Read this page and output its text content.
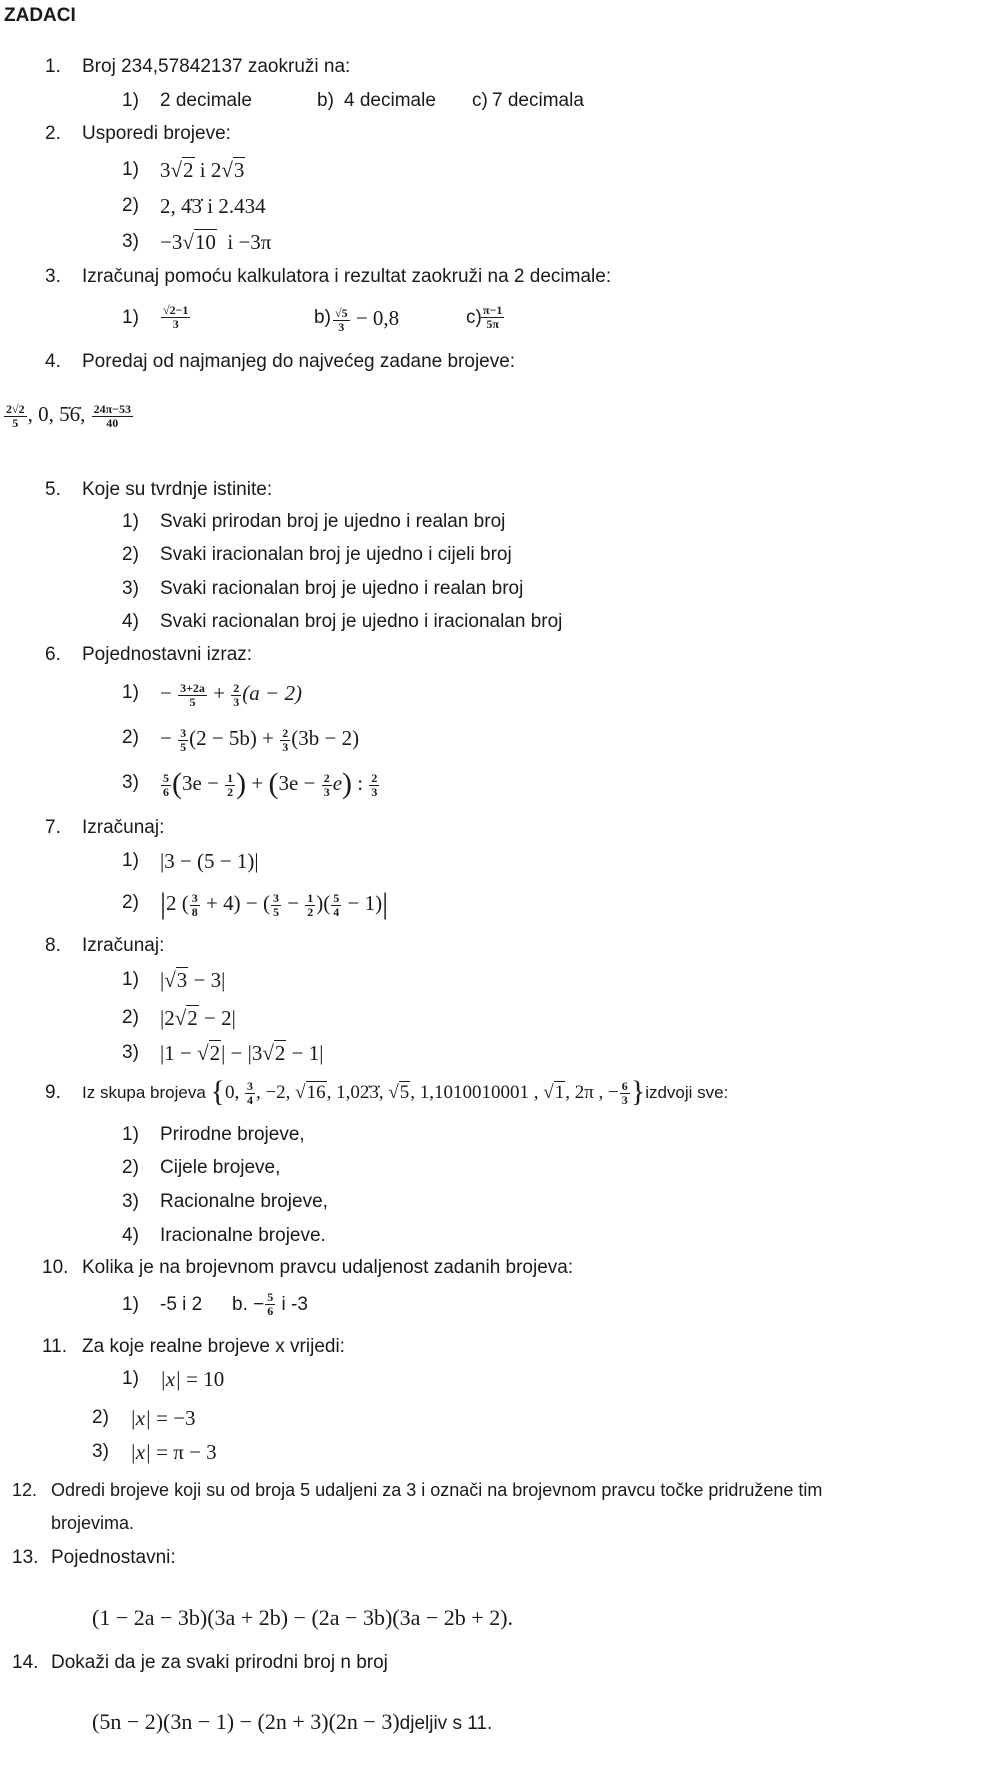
ZADACI
1. Broj 234,57842137 zaokruži na:
1) 2 decimale	b) 4 decimale c) 7 decimala
2. Usporedi brojeve:
1) 3√2 i 2√3
2) 2, 4̇3̇ i 2.434
3) −3√10  i −3π
3. Izračunaj pomoću kalkulatora i rezultat zaokruži na 2 decimale:
$1) \frac{√2-1}{3}$	$b) \frac{√5}{3} - 0,8$	$c) \frac{\pi-1}{5\pi}$
4. Poredaj od najmanjeg do najvećeg zadane brojeve:
$\frac{2√2}{5}$ , 0, 5̇6̇, $\frac{24\pi-53}{40}$
5. Koje su tvrdnje istinite:
1) Svaki prirodan broj je ujedno i realan broj
2) Svaki iracionalan broj je ujedno i cijeli broj
3) Svaki racionalan broj je ujedno i realan broj
4) Svaki racionalan broj je ujedno i iracionalan broj
6. Pojednostavni izraz:
$1) - \frac{3+2a}{5} + \frac{2}{3} (a - 2)$
$2) - \frac{3}{5} (2 - 5b) + \frac{2}{3} (3b - 2)$
$3) \frac{5}{6} (3e - \frac{1}{2}$ ) + $(3e - \frac{2}{3} e)$ : $\frac{2}{3}$
7. Izračunaj:
1) |3 − (5 − 1)|
2) |2 ( $\frac{3}{8} + 4$) − ( $\frac{3}{5} - \frac{1}{2}$ )( $\frac{5}{4} - 1)|$
8. Izračunaj:
1) |√3 − 3|
2) |2√2 − 2|
3) |1 − √2| − |3√2 − 1|
9. Iz skupa brojeva {0, $\frac{3}{4}$ , −2, √16, 1,02̇3̇, √5, 1,1010010001 , √1, 2π , − $\frac{6}{3}$ }izdvoji sve:
1) Prirodne brojeve,
2) Cijele brojeve,
3) Racionalne brojeve,
4) Iracionalne brojeve.
10. Kolika je na brojevnom pravcu udaljenost zadanih brojeva:
1) -5 i 2 b. − $\frac{5}{6}$ i -3
11. Za koje realne brojeve x vrijedi:
1) |x| = 10
2) |x| = −3
3) |x| = π − 3
12. Odredi brojeve koji su od broja 5 udaljeni za 3 i označi na brojevnom pravcu točke pridružene tim
brojevima.
13. Pojednostavni:
(1 − 2a − 3b)(3a + 2b) − (2a − 3b)(3a − 2b + 2).
14. Dokaži da je za svaki prirodni broj n broj
(5n − 2)(3n − 1) − (2n + 3)(2n − 3)djeljiv s 11.
